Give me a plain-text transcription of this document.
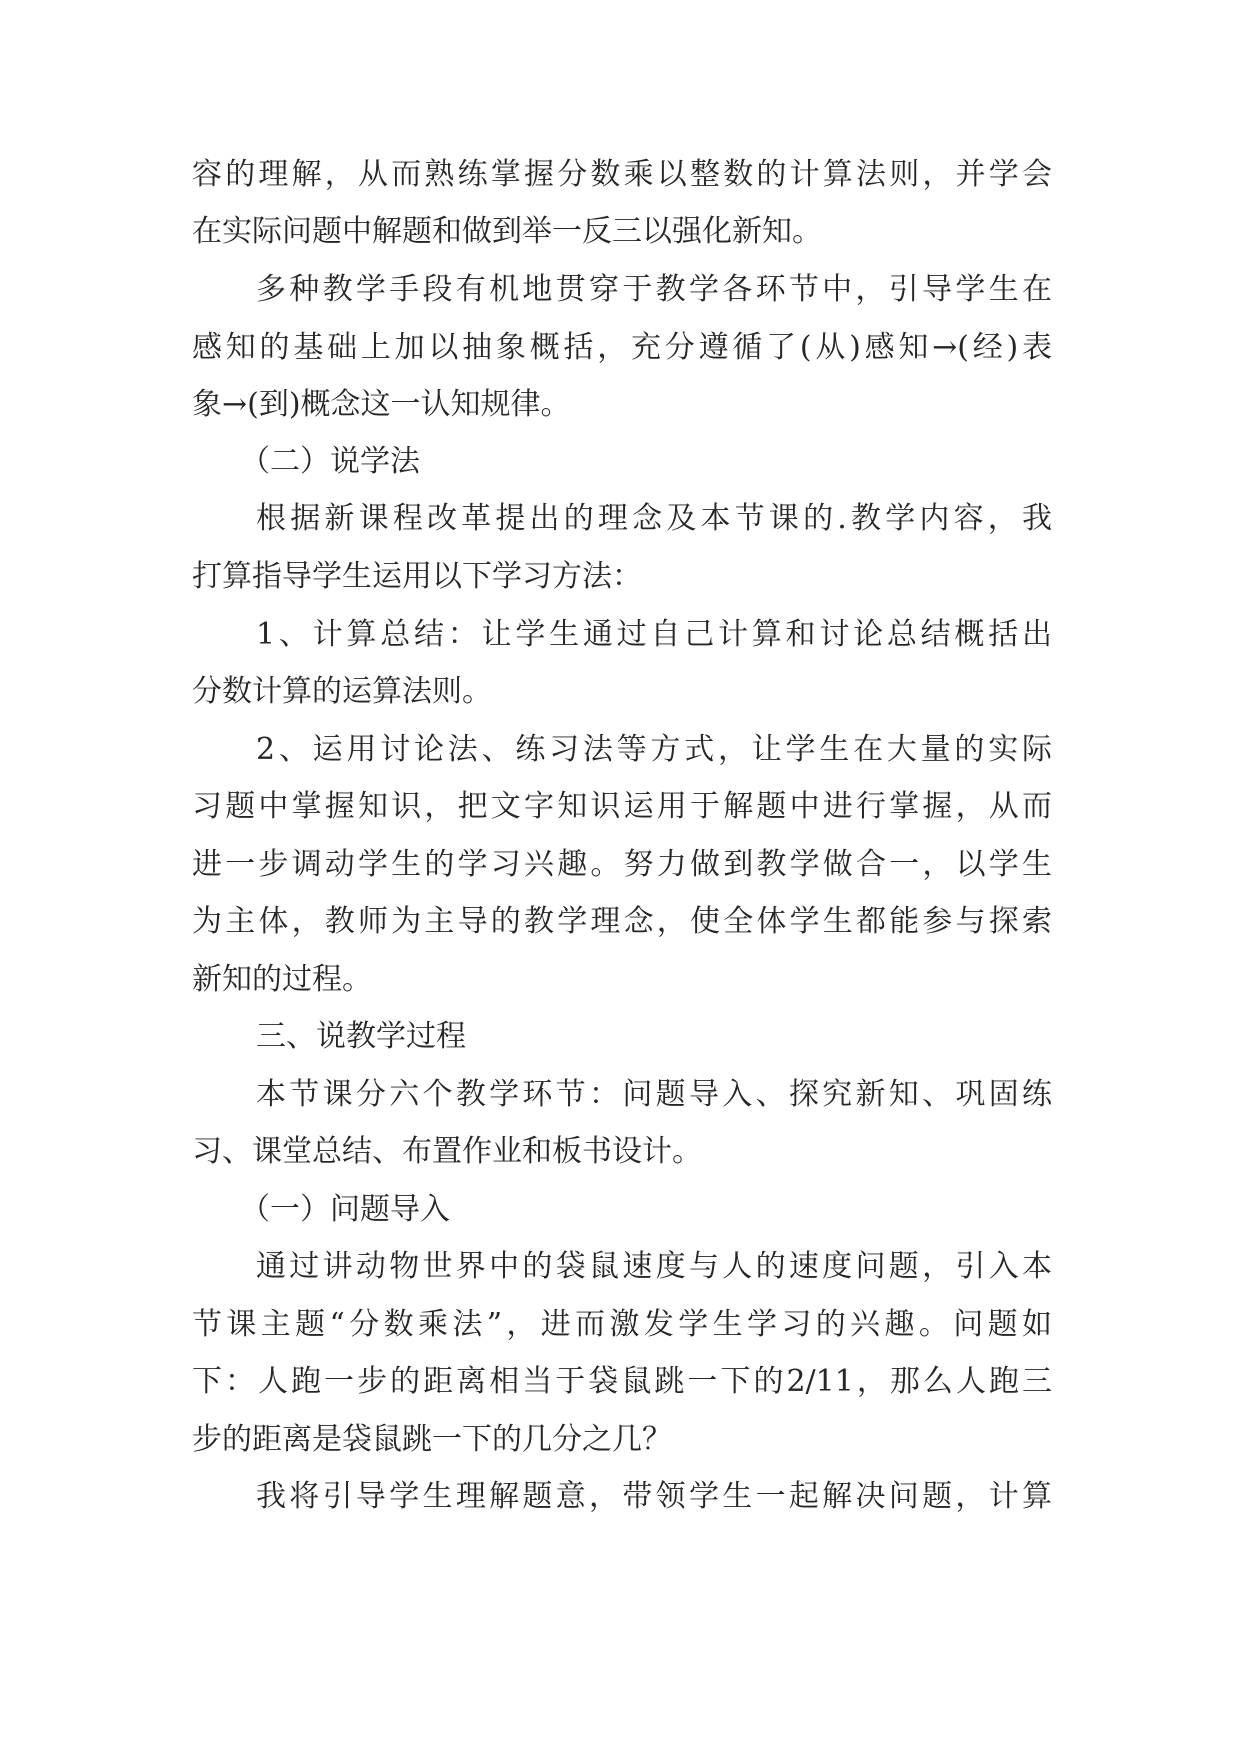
容的理解，从而熟练掌握分数乘以整数的计算法则，并学会
在实际问题中解题和做到举一反三以强化新知。
多种教学手段有机地贯穿于教学各环节中，引导学生在
感知的基础上加以抽象概括，充分遵循了(从)感知→(经)表
象→(到)概念这一认知规律。
（二）说学法
根据新课程改革提出的理念及本节课的.教学内容，我
打算指导学生运用以下学习方法：
1、计算总结：让学生通过自己计算和讨论总结概括出
分数计算的运算法则。
2、运用讨论法、练习法等方式，让学生在大量的实际
习题中掌握知识，把文字知识运用于解题中进行掌握，从而
进一步调动学生的学习兴趣。努力做到教学做合一，以学生
为主体，教师为主导的教学理念，使全体学生都能参与探索
新知的过程。
三、说教学过程
本节课分六个教学环节：问题导入、探究新知、巩固练
习、课堂总结、布置作业和板书设计。
（一）问题导入
通过讲动物世界中的袋鼠速度与人的速度问题，引入本
节课主题“分数乘法”，进而激发学生学习的兴趣。问题如
下：人跑一步的距离相当于袋鼠跳一下的2/11，那么人跑三
步的距离是袋鼠跳一下的几分之几？
我将引导学生理解题意，带领学生一起解决问题，计算
